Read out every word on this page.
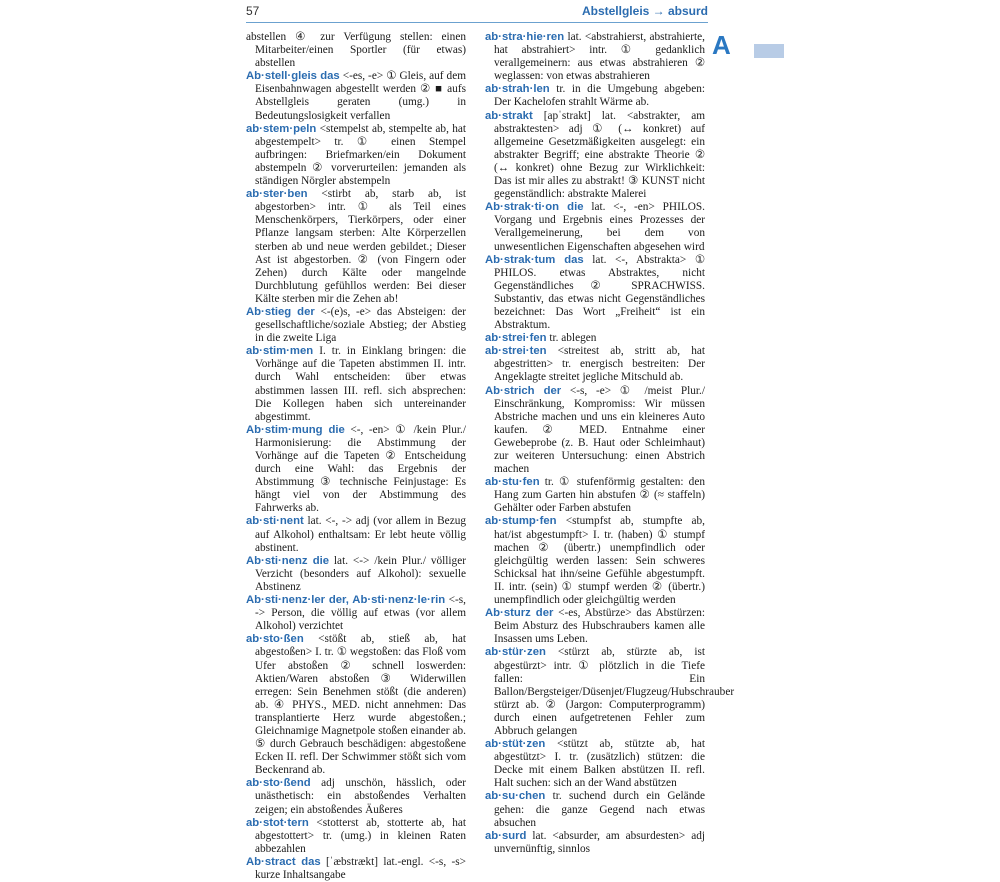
57	Abstellgleis → absurd
A

abstellen ④ zur Verfügung stellen: einen Mitarbeiter/einen Sportler (für etwas) abstellen

Ab·stell·gleis das <-es, -e> ① Gleis, auf dem Eisenbahnwagen abgestellt werden ② ■ aufs Abstellgleis geraten (umg.) in Bedeutungslosigkeit verfallen

ab·stem·peln <stempelst ab, stempelte ab, hat abgestempelt> tr. ① einen Stempel aufbringen: Briefmarken/ein Dokument abstempeln ② vorverurteilen: jemanden als ständigen Nörgler abstempeln

ab·ster·ben <stirbt ab, starb ab, ist abgestorben> intr. ① als Teil eines Menschenkörpers, Tierkörpers, oder einer Pflanze langsam sterben: Alte Körperzellen sterben ab und neue werden gebildet.; Dieser Ast ist abgestorben. ② (von Fingern oder Zehen) durch Kälte oder mangelnde Durchblutung gefühllos werden: Bei dieser Kälte sterben mir die Zehen ab!

Ab·stieg der <-(e)s, -e> das Absteigen: der gesellschaftliche/soziale Abstieg; der Abstieg in die zweite Liga

ab·stim·men I. tr. in Einklang bringen: die Vorhänge auf die Tapeten abstimmen II. intr. durch Wahl entscheiden: über etwas abstimmen lassen III. refl. sich absprechen: Die Kollegen haben sich untereinander abgestimmt.

Ab·stim·mung die <-, -en> ① /kein Plur./ Harmonisierung: die Abstimmung der Vorhänge auf die Tapeten ② Entscheidung durch eine Wahl: das Ergebnis der Abstimmung ③ technische Feinjustage: Es hängt viel von der Abstimmung des Fahrwerks ab.

ab·sti·nent lat. <-, -> adj (vor allem in Bezug auf Alkohol) enthaltsam: Er lebt heute völlig abstinent.

Ab·sti·nenz die lat. <-> /kein Plur./ völliger Verzicht (besonders auf Alkohol): sexuelle Abstinenz

Ab·sti·nenz·ler der, Ab·sti·nenz·le·rin <-s, -> Person, die völlig auf etwas (vor allem Alkohol) verzichtet

ab·sto·ßen <stößt ab, stieß ab, hat abgestoßen> I. tr. ① wegstoßen: das Floß vom Ufer abstoßen ② schnell loswerden: Aktien/Waren abstoßen ③ Widerwillen erregen: Sein Benehmen stößt (die anderen) ab. ④ PHYS., MED. nicht annehmen: Das transplantierte Herz wurde abgestoßen.; Gleichnamige Magnetpole stoßen einander ab. ⑤ durch Gebrauch beschädigen: abgestoßene Ecken II. refl. Der Schwimmer stößt sich vom Beckenrand ab.

ab·sto·ßend adj unschön, hässlich, oder unästhetisch: ein abstoßendes Verhalten zeigen; ein abstoßendes Äußeres

ab·stot·tern <stotterst ab, stotterte ab, hat abgestottert> tr. (umg.) in kleinen Raten abbezahlen

Ab·stract das [ˈæbstrækt] lat.-engl. <-s, -s> kurze Inhaltsangabe

ab·stra·hie·ren lat. <abstrahierst, abstrahierte, hat abstrahiert> intr. ① gedanklich verallgemeinern: aus etwas abstrahieren ② weglassen: von etwas abstrahieren

ab·strah·len tr. in die Umgebung abgeben: Der Kachelofen strahlt Wärme ab.

ab·strakt [apˈstrakt] lat. <abstrakter, am abstraktesten> adj ① (↔ konkret) auf allgemeine Gesetzmäßigkeiten ausgelegt: ein abstrakter Begriff; eine abstrakte Theorie ② (↔ konkret) ohne Bezug zur Wirklichkeit: Das ist mir alles zu abstrakt! ③ KUNST nicht gegenständlich: abstrakte Malerei

Ab·strak·ti·on die lat. <-, -en> PHILOS. Vorgang und Ergebnis eines Prozesses der Verallgemeinerung, bei dem von unwesentlichen Eigenschaften abgesehen wird

Ab·strak·tum das lat. <-, Abstrakta> ① PHILOS. etwas Abstraktes, nicht Gegenständliches ② SPRACHWISS. Substantiv, das etwas nicht Gegenständliches bezeichnet: Das Wort „Freiheit“ ist ein Abstraktum.

ab·strei·fen tr. ablegen

ab·strei·ten <streitest ab, stritt ab, hat abgestritten> tr. energisch bestreiten: Der Angeklagte streitet jegliche Mitschuld ab.

Ab·strich der <-s, -e> ① /meist Plur./ Einschränkung, Kompromiss: Wir müssen Abstriche machen und uns ein kleineres Auto kaufen. ② MED. Entnahme einer Gewebeprobe (z. B. Haut oder Schleimhaut) zur weiteren Untersuchung: einen Abstrich machen

ab·stu·fen tr. ① stufenförmig gestalten: den Hang zum Garten hin abstufen ② (≈ staffeln) Gehälter oder Farben abstufen

ab·stump·fen <stumpfst ab, stumpfte ab, hat/ist abgestumpft> I. tr. (haben) ① stumpf machen ② (übertr.) unempfindlich oder gleichgültig werden lassen: Sein schweres Schicksal hat ihn/seine Gefühle abgestumpft. II. intr. (sein) ① stumpf werden ② (übertr.) unempfindlich oder gleichgültig werden

Ab·sturz der <-es, Abstürze> das Abstürzen: Beim Absturz des Hubschraubers kamen alle Insassen ums Leben.

ab·stür·zen <stürzt ab, stürzte ab, ist abgestürzt> intr. ① plötzlich in die Tiefe fallen: Ein Ballon/Bergsteiger/Düsenjet/Flugzeug/Hubschrauber stürzt ab. ② (Jargon: Computerprogramm) durch einen aufgetretenen Fehler zum Abbruch gelangen

ab·stüt·zen <stützt ab, stützte ab, hat abgestützt> I. tr. (zusätzlich) stützen: die Decke mit einem Balken abstützen II. refl. Halt suchen: sich an der Wand abstützen

ab·su·chen tr. suchend durch ein Gelände gehen: die ganze Gegend nach etwas absuchen

ab·surd lat. <absurder, am absurdesten> adj unvernünftig, sinnlos
